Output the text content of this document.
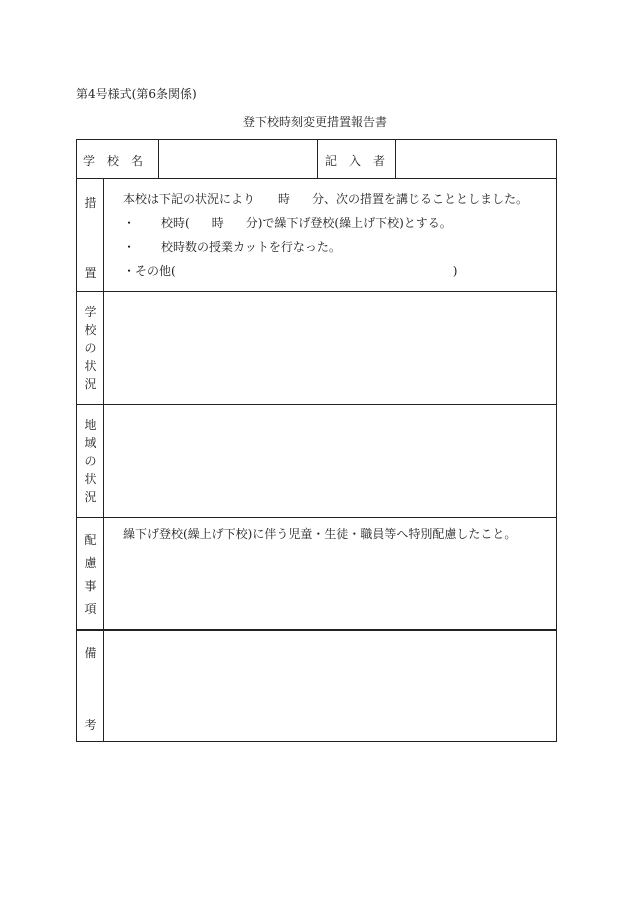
第4号様式(第6条関係)
登下校時刻変更措置報告書
学　校　名	記　入　者
措
置
本校は下記の状況により 時 分、次の措置を講じることとしました。
・ 校時( 時 分)で繰下げ登校(繰上げ下校)とする。
・ 校時数の授業カットを行なった。
・その他(	)
学
校
の
状
況
地
域
の
状
況
配
慮
事
項
繰下げ登校(繰上げ下校)に伴う児童・生徒・職員等へ特別配慮したこと。
備
考
